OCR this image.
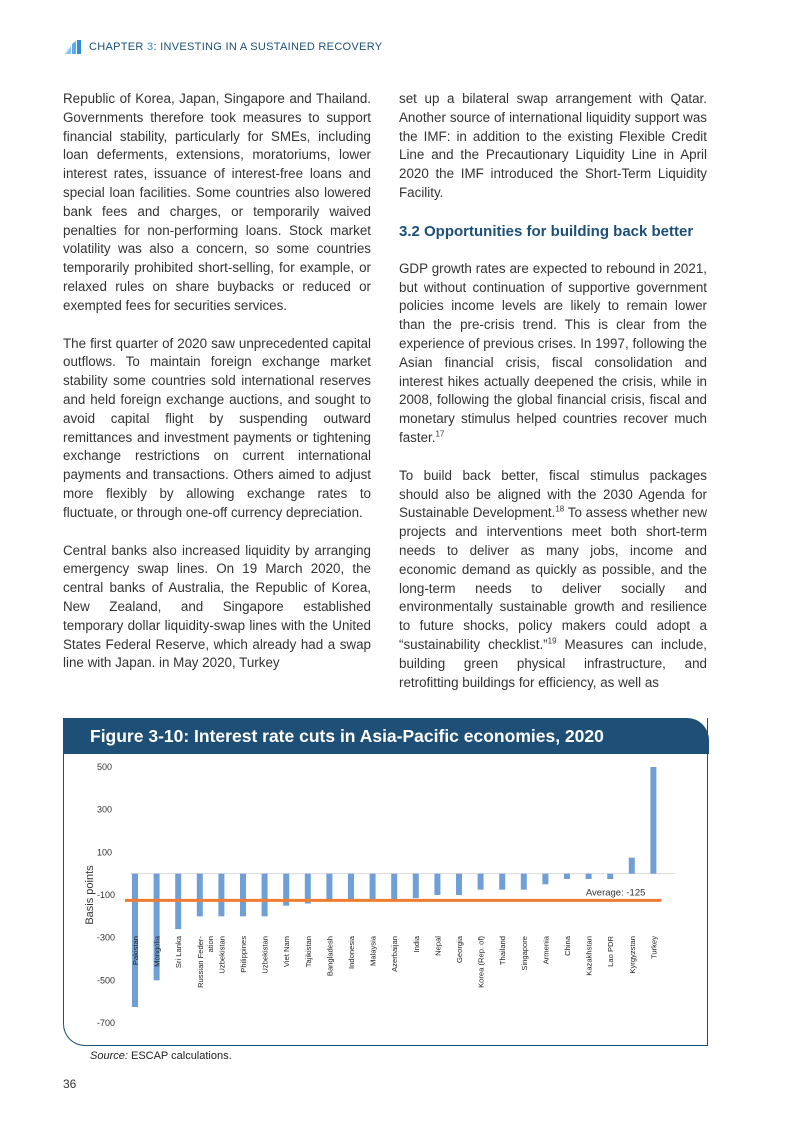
CHAPTER 3: INVESTING IN A SUSTAINED RECOVERY

Republic of Korea, Japan, Singapore and Thailand. Governments therefore took measures to support financial stability, particularly for SMEs, including loan deferments, extensions, moratoriums, lower interest rates, issuance of interest-free loans and special loan facilities. Some countries also lowered bank fees and charges, or temporarily waived penalties for non-performing loans. Stock market volatility was also a concern, so some countries temporarily prohibited short-selling, for example, or relaxed rules on share buybacks or reduced or exempted fees for securities services.

The first quarter of 2020 saw unprecedented capital outflows. To maintain foreign exchange market stability some countries sold international reserves and held foreign exchange auctions, and sought to avoid capital flight by suspending outward remittances and investment payments or tightening exchange restrictions on current international payments and transactions. Others aimed to adjust more flexibly by allowing exchange rates to fluctuate, or through one-off currency depreciation.

Central banks also increased liquidity by arranging emergency swap lines. On 19 March 2020, the central banks of Australia, the Republic of Korea, New Zealand, and Singapore established temporary dollar liquidity-swap lines with the United States Federal Reserve, which already had a swap line with Japan. in May 2020, Turkey

set up a bilateral swap arrangement with Qatar. Another source of international liquidity support was the IMF: in addition to the existing Flexible Credit Line and the Precautionary Liquidity Line in April 2020 the IMF introduced the Short-Term Liquidity Facility.

3.2 Opportunities for building back better

GDP growth rates are expected to rebound in 2021, but without continuation of supportive government policies income levels are likely to remain lower than the pre-crisis trend. This is clear from the experience of previous crises. In 1997, following the Asian financial crisis, fiscal consolidation and interest hikes actually deepened the crisis, while in 2008, following the global financial crisis, fiscal and monetary stimulus helped countries recover much faster.$^{17}$

To build back better, fiscal stimulus packages should also be aligned with the 2030 Agenda for Sustainable Development.$^{18}$ To assess whether new projects and interventions meet both short-term needs to deliver as many jobs, income and economic demand as quickly as possible, and the long-term needs to deliver socially and environmentally sustainable growth and resilience to future shocks, policy makers could adopt a “sustainability checklist.”$^{19}$ Measures can include, building green physical infrastructure, and retrofitting buildings for efficiency, as well as

Figure 3-10: Interest rate cuts in Asia-Pacific economies, 2020
Basis points
500
300
100
-100
-300
-500
-700
Average: -125
Pakistan Mongolia Sri Lanka Russian Feder- ation Uzbekistan Philippines Uzbekistan Viet Nam Tajikistan Bangladesh Indonesia Malaysia Azerbaijan India Nepal Georgia Korea (Rep. of) Thailand Singapore Armenia China Kazakhstan Lao PDR Kyrgyzstan Turkey
Source: ESCAP calculations.
36
